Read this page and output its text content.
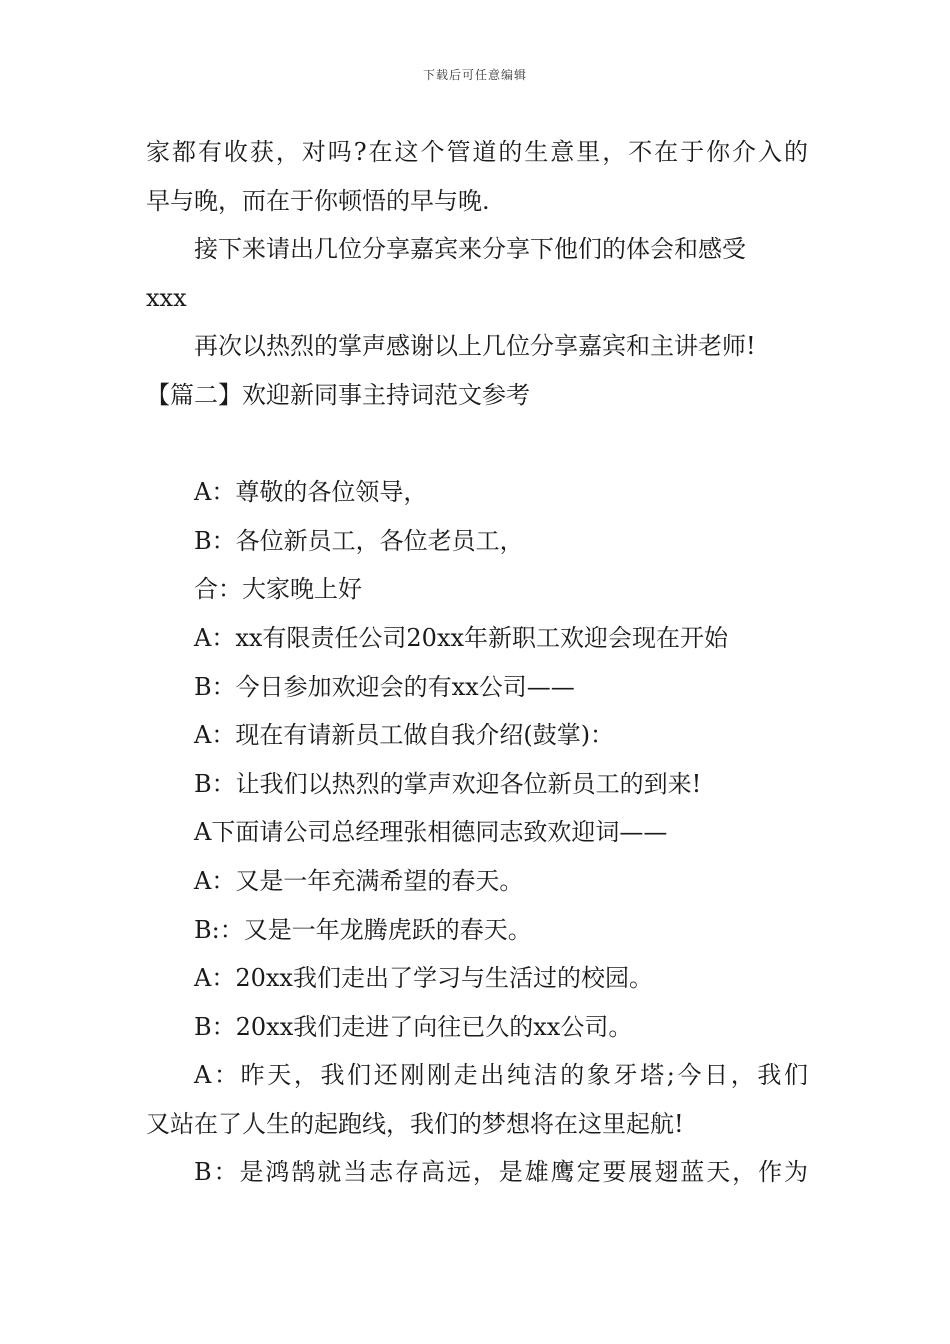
下载后可任意编辑
家都有收获，对吗?在这个管道的生意里，不在于你介入的
早与晚，而在于你顿悟的早与晚.
接下来请出几位分享嘉宾来分享下他们的体会和感受
xxx
再次以热烈的掌声感谢以上几位分享嘉宾和主讲老师!
【篇二】欢迎新同事主持词范文参考
A：尊敬的各位领导，
B：各位新员工，各位老员工，
合：大家晚上好
A：xx有限责任公司20xx年新职工欢迎会现在开始
B：今日参加欢迎会的有xx公司——
A：现在有请新员工做自我介绍(鼓掌)：
B：让我们以热烈的掌声欢迎各位新员工的到来!
A下面请公司总经理张相德同志致欢迎词——
A：又是一年充满希望的春天。
B:：又是一年龙腾虎跃的春天。
A：20xx我们走出了学习与生活过的校园。
B：20xx我们走进了向往已久的xx公司。
A：昨天，我们还刚刚走出纯洁的象牙塔;今日，我们
又站在了人生的起跑线，我们的梦想将在这里起航!
B：是鸿鹄就当志存高远，是雄鹰定要展翅蓝天，作为
